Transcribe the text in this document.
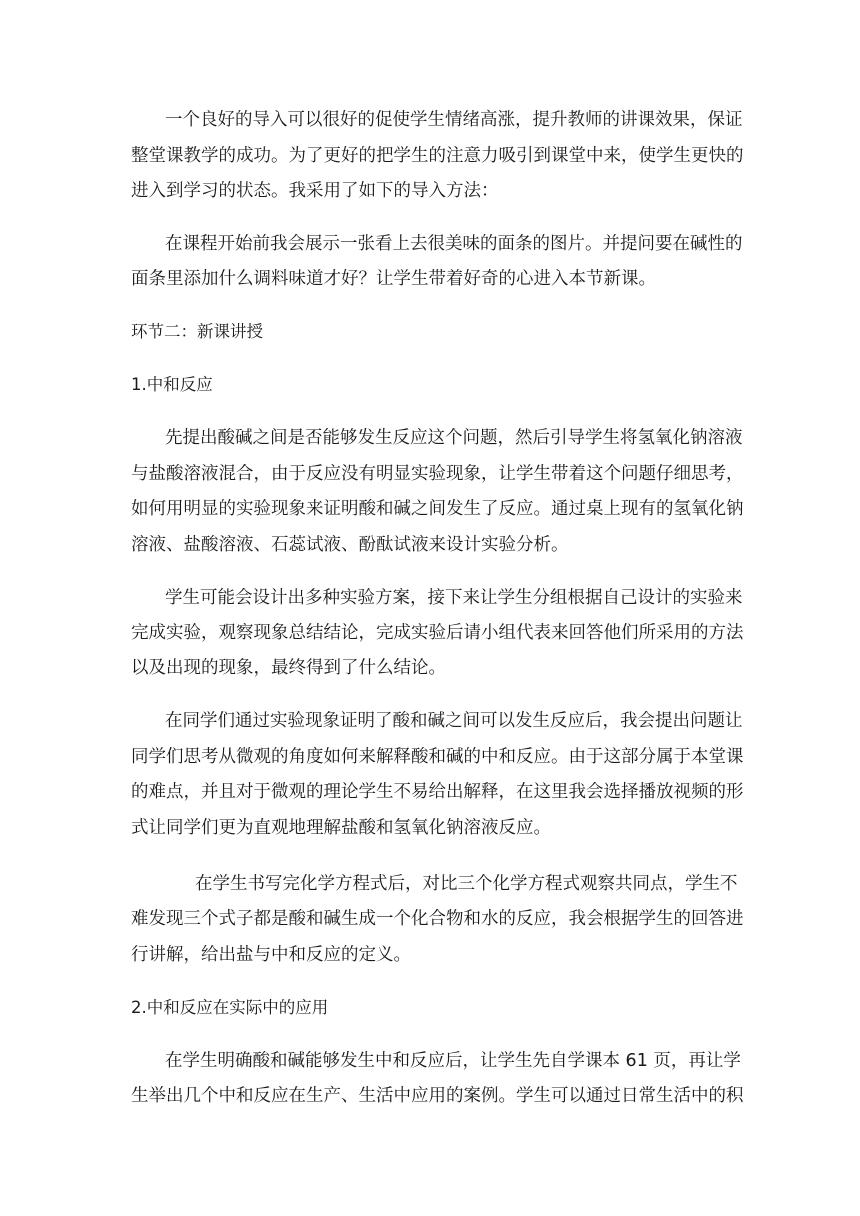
一个良好的导入可以很好的促使学生情绪高涨，提升教师的讲课效果，保证
整堂课教学的成功。为了更好的把学生的注意力吸引到课堂中来，使学生更快的
进入到学习的状态。我采用了如下的导入方法：
在课程开始前我会展示一张看上去很美味的面条的图片。并提问要在碱性的
面条里添加什么调料味道才好？让学生带着好奇的心进入本节新课。
环节二：新课讲授
1.中和反应
先提出酸碱之间是否能够发生反应这个问题，然后引导学生将氢氧化钠溶液
与盐酸溶液混合，由于反应没有明显实验现象，让学生带着这个问题仔细思考，
如何用明显的实验现象来证明酸和碱之间发生了反应。通过桌上现有的氢氧化钠
溶液、盐酸溶液、石蕊试液、酚酞试液来设计实验分析。
学生可能会设计出多种实验方案，接下来让学生分组根据自己设计的实验来
完成实验，观察现象总结结论，完成实验后请小组代表来回答他们所采用的方法
以及出现的现象，最终得到了什么结论。
在同学们通过实验现象证明了酸和碱之间可以发生反应后，我会提出问题让
同学们思考从微观的角度如何来解释酸和碱的中和反应。由于这部分属于本堂课
的难点，并且对于微观的理论学生不易给出解释，在这里我会选择播放视频的形
式让同学们更为直观地理解盐酸和氢氧化钠溶液反应。
在学生书写完化学方程式后，对比三个化学方程式观察共同点，学生不
难发现三个式子都是酸和碱生成一个化合物和水的反应，我会根据学生的回答进
行讲解，给出盐与中和反应的定义。
2.中和反应在实际中的应用
在学生明确酸和碱能够发生中和反应后，让学生先自学课本 61 页，再让学
生举出几个中和反应在生产、生活中应用的案例。学生可以通过日常生活中的积
